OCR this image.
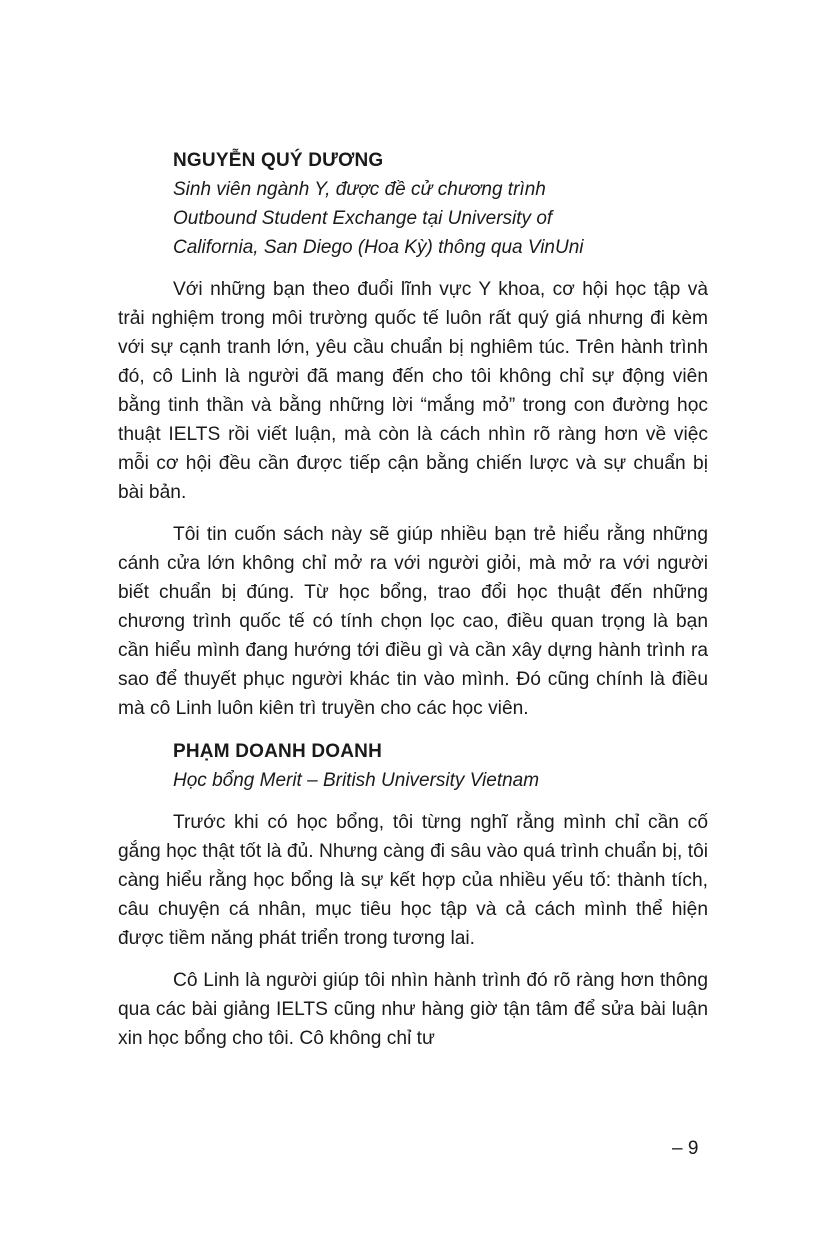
NGUYỄN QUÝ DƯƠNG
Sinh viên ngành Y, được đề cử chương trình
Outbound Student Exchange tại University of
California, San Diego (Hoa Kỳ) thông qua VinUni

Với những bạn theo đuổi lĩnh vực Y khoa, cơ hội học tập và trải nghiệm trong môi trường quốc tế luôn rất quý giá nhưng đi kèm với sự cạnh tranh lớn, yêu cầu chuẩn bị nghiêm túc. Trên hành trình đó, cô Linh là người đã mang đến cho tôi không chỉ sự động viên bằng tinh thần và bằng những lời “mắng mỏ” trong con đường học thuật IELTS rồi viết luận, mà còn là cách nhìn rõ ràng hơn về việc mỗi cơ hội đều cần được tiếp cận bằng chiến lược và sự chuẩn bị bài bản.

Tôi tin cuốn sách này sẽ giúp nhiều bạn trẻ hiểu rằng những cánh cửa lớn không chỉ mở ra với người giỏi, mà mở ra với người biết chuẩn bị đúng. Từ học bổng, trao đổi học thuật đến những chương trình quốc tế có tính chọn lọc cao, điều quan trọng là bạn cần hiểu mình đang hướng tới điều gì và cần xây dựng hành trình ra sao để thuyết phục người khác tin vào mình. Đó cũng chính là điều mà cô Linh luôn kiên trì truyền cho các học viên.

PHẠM DOANH DOANH
Học bổng Merit – British University Vietnam

Trước khi có học bổng, tôi từng nghĩ rằng mình chỉ cần cố gắng học thật tốt là đủ. Nhưng càng đi sâu vào quá trình chuẩn bị, tôi càng hiểu rằng học bổng là sự kết hợp của nhiều yếu tố: thành tích, câu chuyện cá nhân, mục tiêu học tập và cả cách mình thể hiện được tiềm năng phát triển trong tương lai.

Cô Linh là người giúp tôi nhìn hành trình đó rõ ràng hơn thông qua các bài giảng IELTS cũng như hàng giờ tận tâm để sửa bài luận xin học bổng cho tôi. Cô không chỉ tư

– 9
